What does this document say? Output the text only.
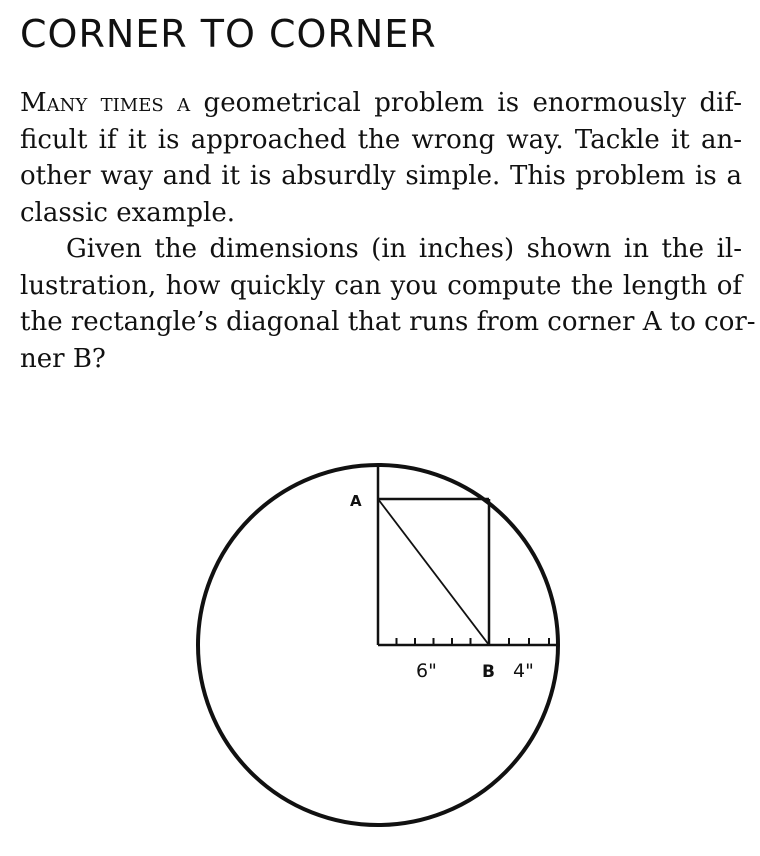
CORNER TO CORNER

Many times a geometrical problem is enormously dif-
ficult if it is approached the wrong way. Tackle it an-
other way and it is absurdly simple. This problem is a
classic example.

Given the dimensions (in inches) shown in the il-
lustration, how quickly can you compute the length of
the rectangle’s diagonal that runs from corner A to cor-
ner B?

A
B
6"	4"
